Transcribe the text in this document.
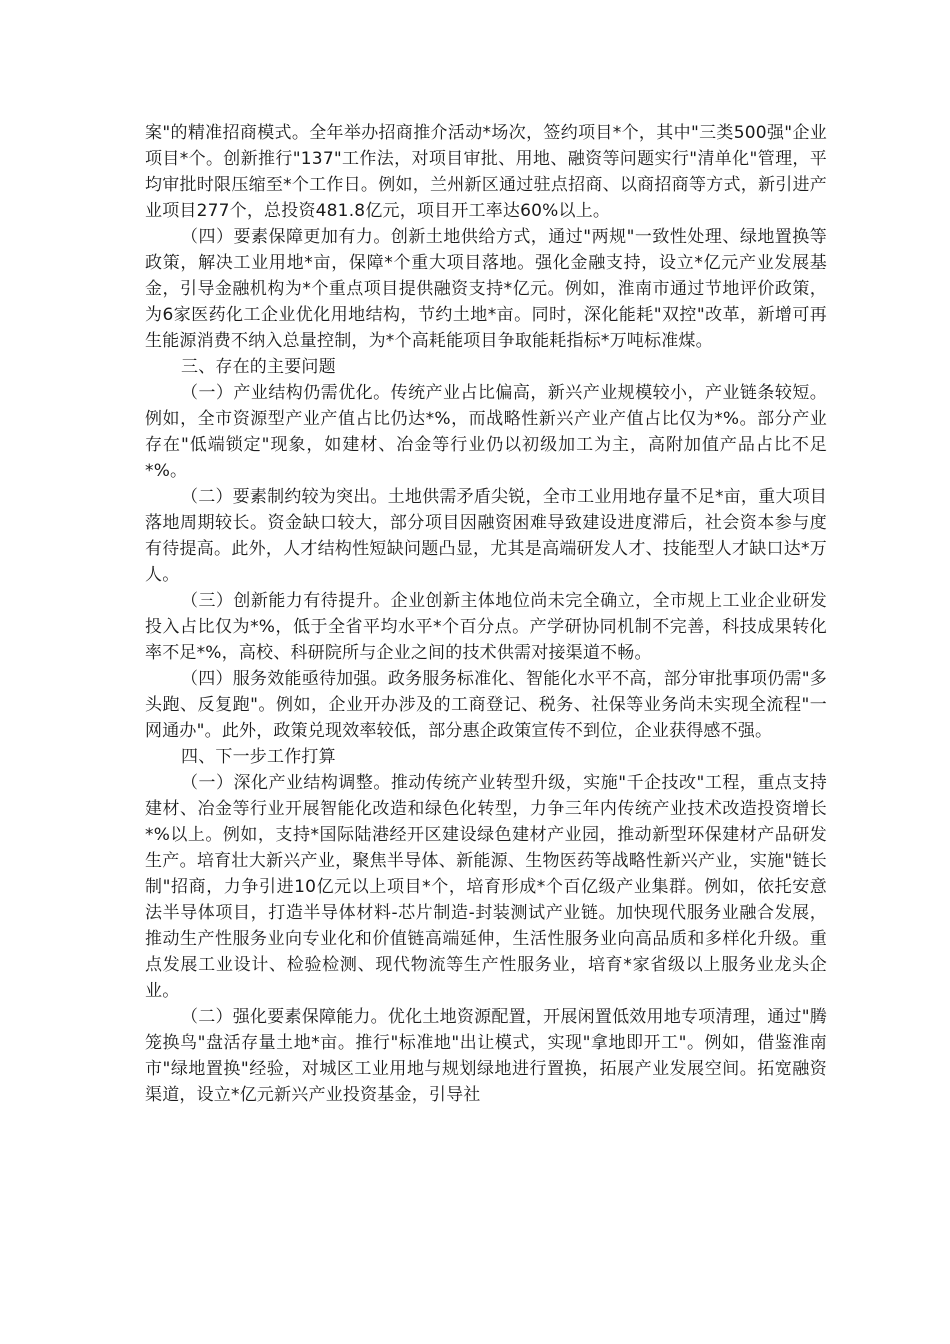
案"的精准招商模式。全年举办招商推介活动*场次，签约项目*个，其中"三类500强"企业项目*个。创新推行"137"工作法，对项目审批、用地、融资等问题实行"清单化"管理，平均审批时限压缩至*个工作日。例如，兰州新区通过驻点招商、以商招商等方式，新引进产业项目277个，总投资481.8亿元，项目开工率达60%以上。

（四）要素保障更加有力。创新土地供给方式，通过"两规"一致性处理、绿地置换等政策，解决工业用地*亩，保障*个重大项目落地。强化金融支持，设立*亿元产业发展基金，引导金融机构为*个重点项目提供融资支持*亿元。例如，淮南市通过节地评价政策，为6家医药化工企业优化用地结构，节约土地*亩。同时，深化能耗"双控"改革，新增可再生能源消费不纳入总量控制，为*个高耗能项目争取能耗指标*万吨标准煤。

三、存在的主要问题

（一）产业结构仍需优化。传统产业占比偏高，新兴产业规模较小，产业链条较短。例如，全市资源型产业产值占比仍达*%，而战略性新兴产业产值占比仅为*%。部分产业存在"低端锁定"现象，如建材、冶金等行业仍以初级加工为主，高附加值产品占比不足*%。

（二）要素制约较为突出。土地供需矛盾尖锐，全市工业用地存量不足*亩，重大项目落地周期较长。资金缺口较大，部分项目因融资困难导致建设进度滞后，社会资本参与度有待提高。此外，人才结构性短缺问题凸显，尤其是高端研发人才、技能型人才缺口达*万人。

（三）创新能力有待提升。企业创新主体地位尚未完全确立，全市规上工业企业研发投入占比仅为*%，低于全省平均水平*个百分点。产学研协同机制不完善，科技成果转化率不足*%，高校、科研院所与企业之间的技术供需对接渠道不畅。

（四）服务效能亟待加强。政务服务标准化、智能化水平不高，部分审批事项仍需"多头跑、反复跑"。例如，企业开办涉及的工商登记、税务、社保等业务尚未实现全流程"一网通办"。此外，政策兑现效率较低，部分惠企政策宣传不到位，企业获得感不强。

四、下一步工作打算

（一）深化产业结构调整。推动传统产业转型升级，实施"千企技改"工程，重点支持建材、冶金等行业开展智能化改造和绿色化转型，力争三年内传统产业技术改造投资增长*%以上。例如，支持*国际陆港经开区建设绿色建材产业园，推动新型环保建材产品研发生产。培育壮大新兴产业，聚焦半导体、新能源、生物医药等战略性新兴产业，实施"链长制"招商，力争引进10亿元以上项目*个，培育形成*个百亿级产业集群。例如，依托安意法半导体项目，打造半导体材料-芯片制造-封装测试产业链。加快现代服务业融合发展，推动生产性服务业向专业化和价值链高端延伸，生活性服务业向高品质和多样化升级。重点发展工业设计、检验检测、现代物流等生产性服务业，培育*家省级以上服务业龙头企业。

（二）强化要素保障能力。优化土地资源配置，开展闲置低效用地专项清理，通过"腾笼换鸟"盘活存量土地*亩。推行"标准地"出让模式，实现"拿地即开工"。例如，借鉴淮南市"绿地置换"经验，对城区工业用地与规划绿地进行置换，拓展产业发展空间。拓宽融资渠道，设立*亿元新兴产业投资基金，引导社
